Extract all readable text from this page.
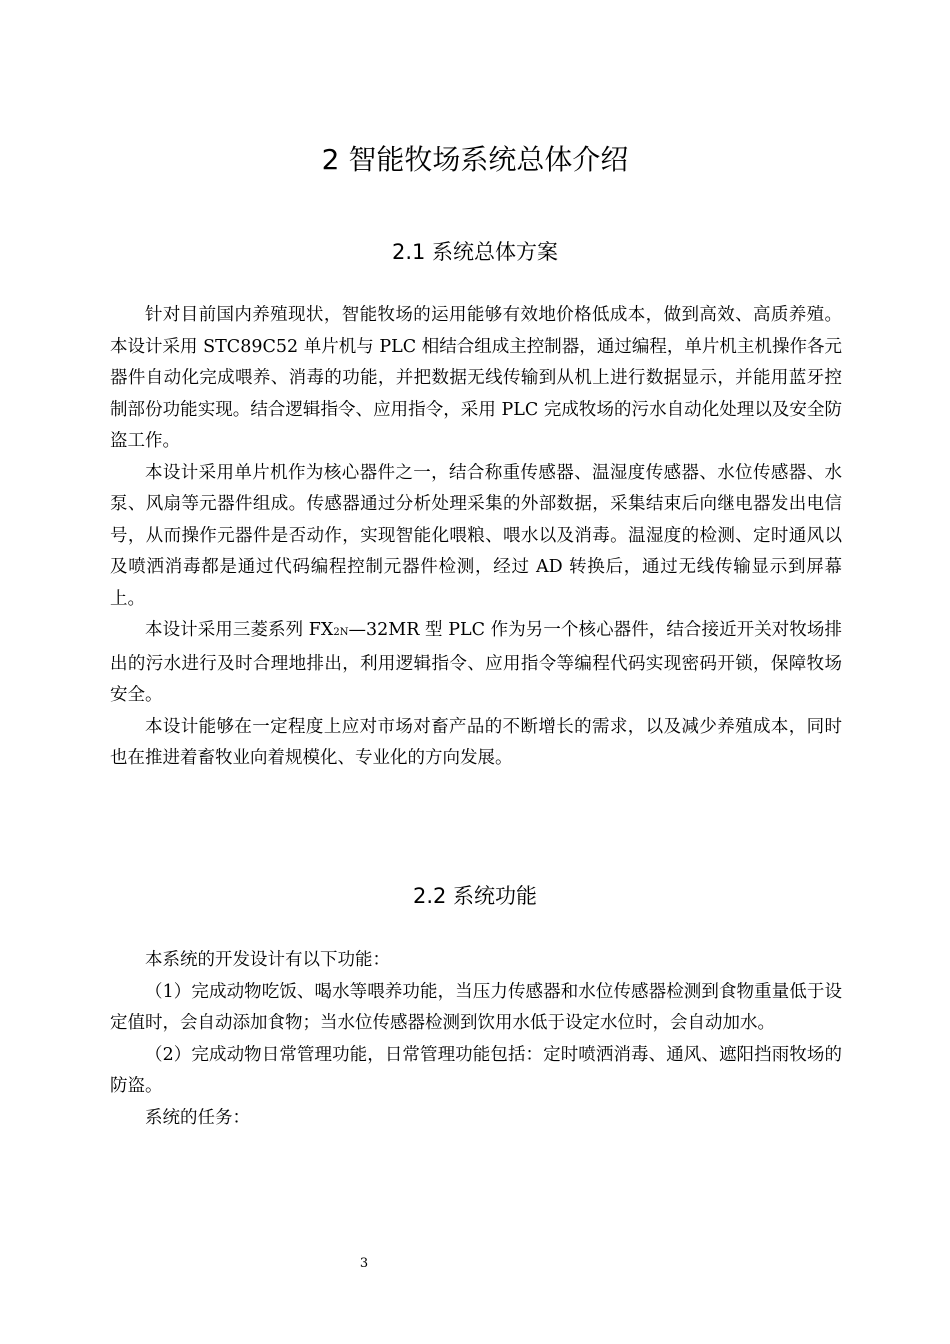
2 智能牧场系统总体介绍
2.1 系统总体方案

针对目前国内养殖现状，智能牧场的运用能够有效地价格低成本，做到高效、高质养殖。本设计采用 STC89C52 单片机与 PLC 相结合组成主控制器，通过编程，单片机主机操作各元器件自动化完成喂养、消毒的功能，并把数据无线传输到从机上进行数据显示，并能用蓝牙控制部份功能实现。结合逻辑指令、应用指令，采用 PLC 完成牧场的污水自动化处理以及安全防盗工作。

本设计采用单片机作为核心器件之一，结合称重传感器、温湿度传感器、水位传感器、水泵、风扇等元器件组成。传感器通过分析处理采集的外部数据，采集结束后向继电器发出电信号，从而操作元器件是否动作，实现智能化喂粮、喂水以及消毒。温湿度的检测、定时通风以及喷洒消毒都是通过代码编程控制元器件检测，经过 AD 转换后，通过无线传输显示到屏幕上。

本设计采用三菱系列 FX2N—32MR 型 PLC 作为另一个核心器件，结合接近开关对牧场排出的污水进行及时合理地排出，利用逻辑指令、应用指令等编程代码实现密码开锁，保障牧场安全。

本设计能够在一定程度上应对市场对畜产品的不断增长的需求，以及减少养殖成本，同时也在推进着畜牧业向着规模化、专业化的方向发展。

2.2 系统功能

本系统的开发设计有以下功能：

（1）完成动物吃饭、喝水等喂养功能，当压力传感器和水位传感器检测到食物重量低于设定值时，会自动添加食物；当水位传感器检测到饮用水低于设定水位时，会自动加水。

（2）完成动物日常管理功能，日常管理功能包括：定时喷洒消毒、通风、遮阳挡雨牧场的防盗。

系统的任务：

3
